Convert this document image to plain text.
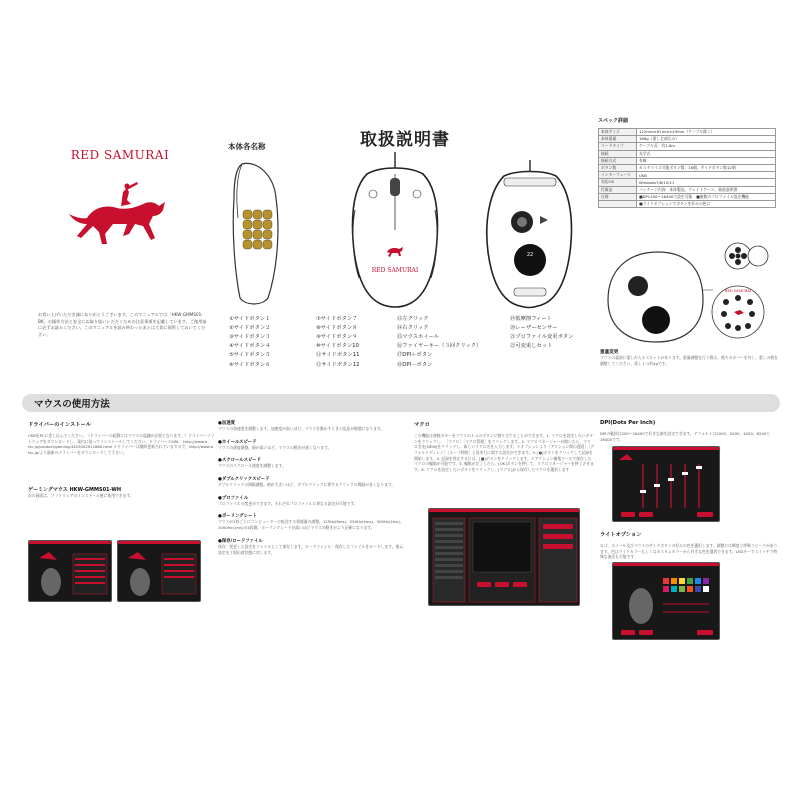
RED SAMURAI
お買い上げいただき誠にありがとうございます。このマニュアルでは「HKW-GMMS01-BK」の操作方法と安全にお取り扱いいただくための注意事項を記載しています。ご使用前に必ずお読みください。このマニュアルを読み終わったあとは大切に保管しておいてください。
本体各名称	取扱説明書
RED SAMURAI
22
①サイドボタン１
②サイドボタン２
③サイドボタン３
④サイドボタン４
⑤サイドボタン５
⑥サイドボタン６
⑦サイドボタン７
⑧サイドボタン８
⑨サイドボタン９
⑩サイドボタン10
⑪サイドボタン11
⑫サイドボタン12
⑬左クリック
⑭右クリック
⑮マウスホイール
⑯ファイヤーキー（３回クリック）
⑰DPI＋ボタン
⑱DPI－ボタン
⑲低摩擦フィート
⑳レーザーセンサー
㉑プロファイル変更ボタン
㉒可変重しセット
スペック詳細
本体サイズ	122mm×81mm×43mm（ケーブル除く）
本体重量	168g（重し全部込み）
コードタイプ	ケーブル長：約1.8m
接続	光学式
接続方式	有線
ボタン数	カスタマイズ可能ボタン数：16個、サイドボタン数12個
インターフェース	USB
対応OS	Windows7/8/10/11
付属品	パッケージ内容：本体製品、ウェイトケース、取扱説明書
仕様	■DPI:200～16400で設定可能　■複数のプロファイル設定機能
	■ライトオプションでボタンを好みの色に
RED SAMURAI
重量変更
マウスの裏面に重しが入るスロットがあります。重量調整を行う際は、後ろのカバーを外し、重しの数を調整してください。重し１つ約4gです。
マウスの使用方法
ドライバーのインストール
USBをPCに差し込んでください。（ドライバーの起動にはマウスの認識が必要となります。）ドライバーソフトウェアをダウンロードし、案内に従ってインストールしてください。ドライバーのURL：http://www.e-fsc.jp/product/gaming/4403002911880.html ＊ドライバーは随時更新されていますので、http://www.e-fsc.jp/より最新のドライバーをダウンロードして下さい。
ゲーミングマウス HKW-GMMS01-WH
次の画面は、ソフトウェアのインストール後に使用できます。
●加速度
マウスの加速度を調整します。加速度が高いほど、マウスを動かすときの反応が敏感になります。
●ホイールスピード
マウスの速度調整。値が高いほど、マウスの動きが速くなります。
●スクロールスピード
マウスのスクロール速度を調整します。
●ダブルクリックスピード
ダブルクリックの間隔調整。値が大きいほど、ダブルクリックに要するクリックの間隔が長くなります。
●プロファイル
プロファイルの変更ができます。それぞれプロファイルに異なる設定が可能です。
●ポーリングレート
マウスが1秒ごとにコンピューターに転送する情報量の調整。125Hz(8ms)、250Hz(4ms)、500Hz(2ms)、1000Hz(1ms)の4段階。ポーリングレートが高いほどマウスの動きがより正確になります。
●保存/ロードファイル
保存：変更した設定をファイルとして保存します。ロードファイル：保存したファイルをロードします。復元：設定を工場出荷状態に戻します。
マクロ
この機能は複数のキーをマウスの１つのボタンに割り当てることができます。1. マクロを設定したいボタンをクリックし、［マクロ］［マクロ管理］をクリックします。2. マクロマネージャーが開いたら、マクロ名を[NEW]をクリックし、新しいマクロ名を入力します。＊オプションより［アクション間の遅延］［デフォルトディレイ］［ループ時間］と再実行に関する設定ができます。3. [●]ボタンをクリックして記録を開始します。4. 記録を停止するには、[■]ボタンをクリックします。＊アクション編集ツールで保存したマクロの編集が可能です。5. 編集が完了したら、[OK]ボタンを押して、マクロマネージャーを終了させます。6. マクロを設定したいボタンをクリックし、[マクロ]から保存したマクロを選択します
DPI(Dots Per Inch)
DPIの範囲は200～16400で好きな値を設定できます。デフォルトは1000、2000、4000、8200と16400です。
ライトオプション
ロゴ、ホイール及びマウスのサイドボタンの好みの色を選択します。調整には輝度と呼吸スピードがあります。色はライトカラーもしくはカスタムカラーから好きな色を選択できます。LEDキーでスイッチで特殊な演出も可能です
